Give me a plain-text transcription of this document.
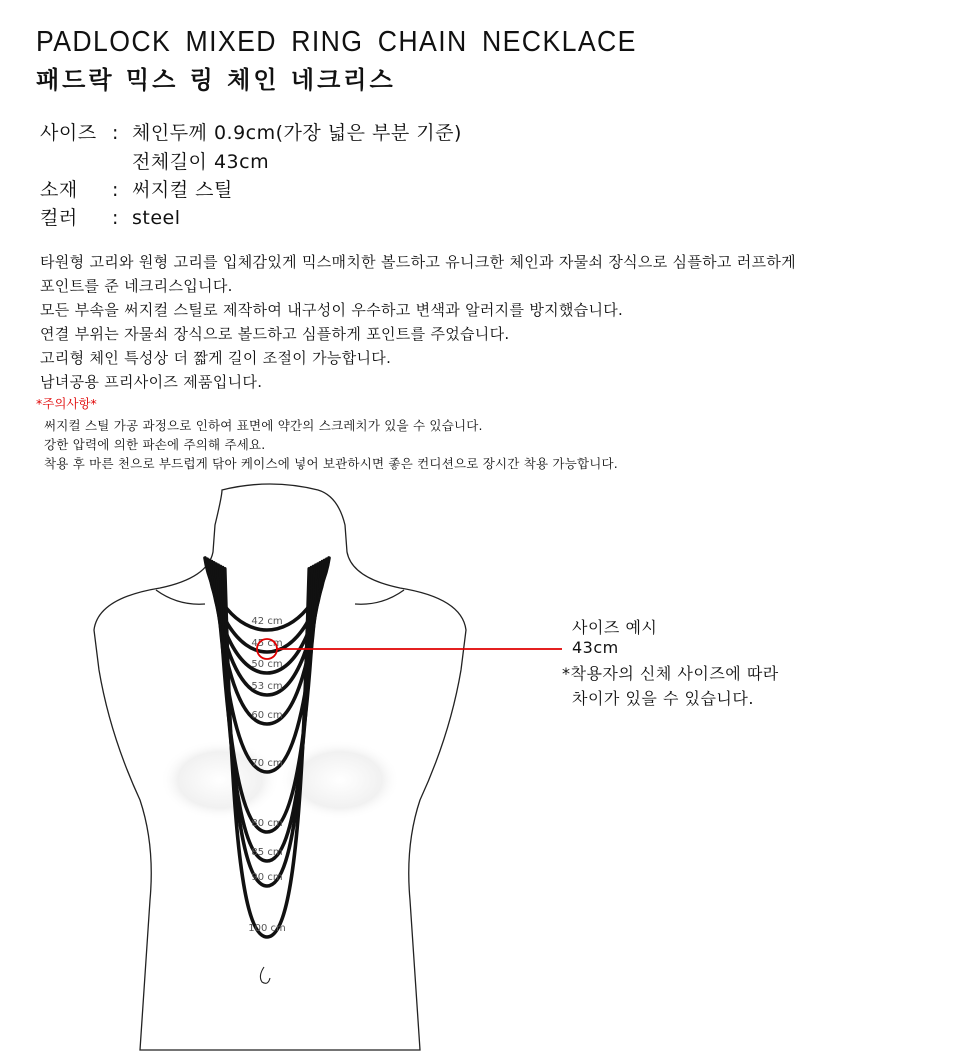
PADLOCK MIXED RING CHAIN NECKLACE
패드락 믹스 링 체인 네크리스
사이즈 : 체인두께 0.9cm(가장 넓은 부분 기준)
전체길이 43cm
소재 : 써지컬 스틸
컬러 : steel
타원형 고리와 원형 고리를 입체감있게 믹스매치한 볼드하고 유니크한 체인과 자물쇠 장식으로 심플하고 러프하게
포인트를 준 네크리스입니다.
모든 부속을 써지컬 스틸로 제작하여 내구성이 우수하고 변색과 알러지를 방지했습니다.
연결 부위는 자물쇠 장식으로 볼드하고 심플하게 포인트를 주었습니다.
고리형 체인 특성상 더 짧게 길이 조절이 가능합니다.
남녀공용 프리사이즈 제품입니다.
*주의사항*
써지컬 스틸 가공 과정으로 인하여 표면에 약간의 스크레치가 있을 수 있습니다.
강한 압력에 의한 파손에 주의해 주세요.
착용 후 마른 천으로 부드럽게 닦아 케이스에 넣어 보관하시면 좋은 컨디션으로 장시간 착용 가능합니다.
42 cm
45 cm
50 cm
53 cm
60 cm
70 cm
80 cm
85 cm
90 cm
100 cm
사이즈 예시
43cm
*착용자의 신체 사이즈에 따라
차이가 있을 수 있습니다.
